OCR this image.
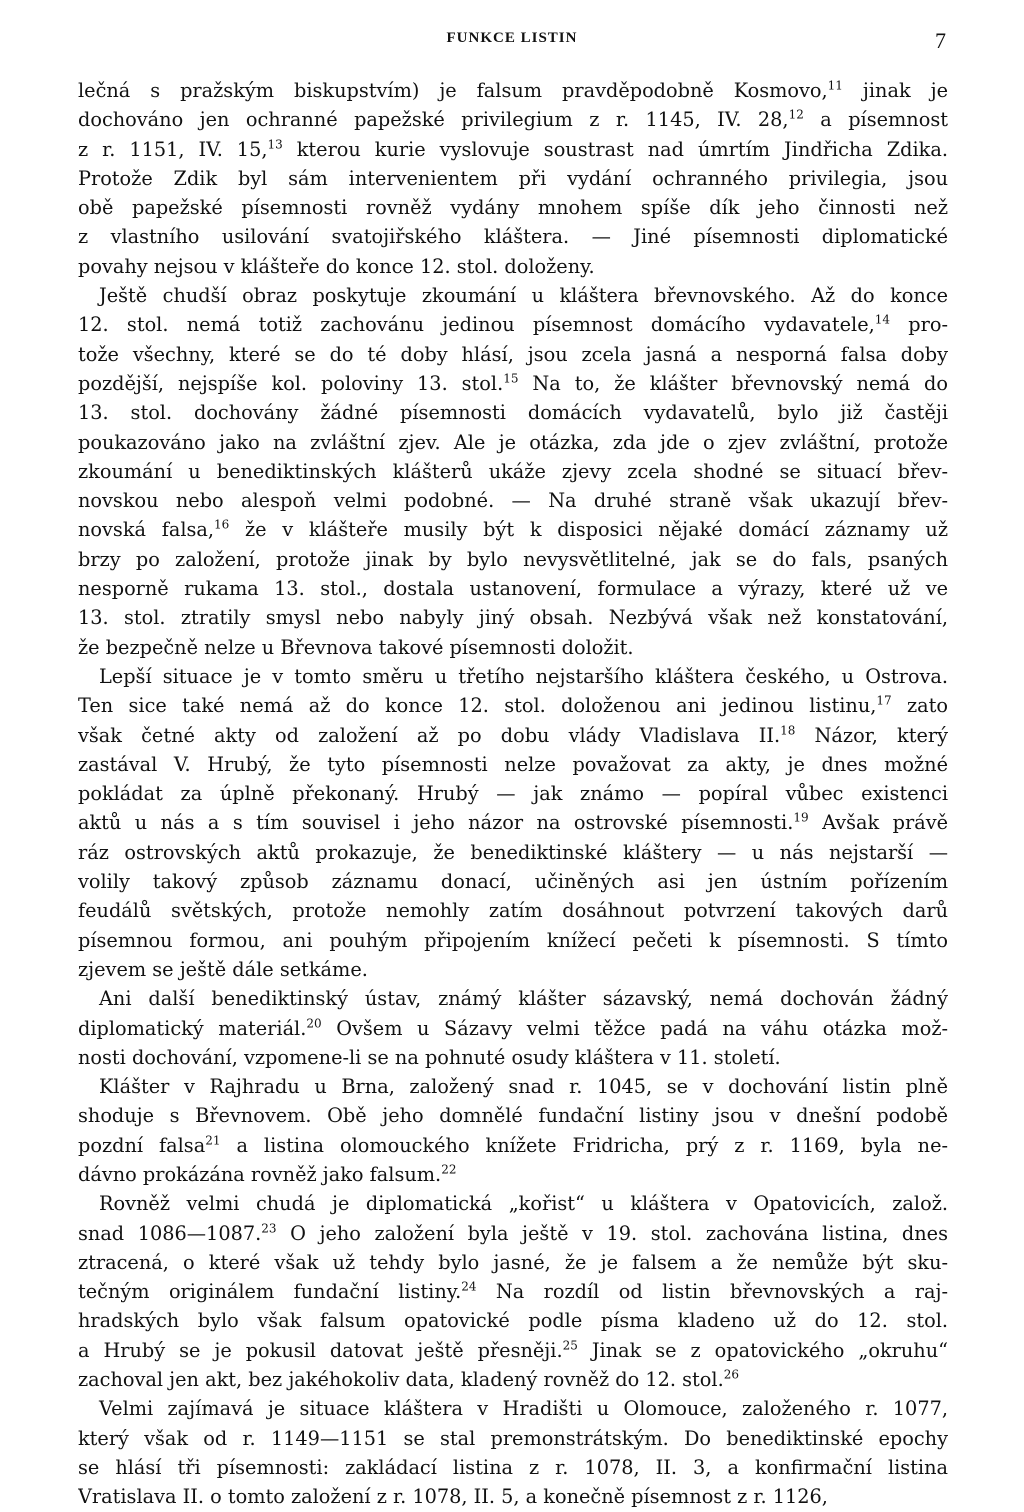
FUNKCE LISTIN	7
lečná s pražským biskupstvím) je falsum pravděpodobně Kosmovo,$^{11}$ jinak je
dochováno jen ochranné papežské privilegium z r. 1145, IV. 28,12 a písemnost
z r. 1151, IV. 15,13 kterou kurie vyslovuje soustrast nad úmrtím Jindřicha Zdika.
Protože Zdik byl sám intervenientem při vydání ochranného privilegia, jsou
obě papežské písemnosti rovněž vydány mnohem spíše dík jeho činnosti než
z vlastního usilování svatojiřského kláštera. — Jiné písemnosti diplomatické
povahy nejsou v klášteře do konce 12. stol. doloženy.
Ještě chudší obraz poskytuje zkoumání u kláštera břevnovského. Až do konce
12. stol. nemá totiž zachovánu jedinou písemnost domácího vydavatele,$^{14}$ pro-
tože všechny, které se do té doby hlásí, jsou zcela jasná a nesporná falsa doby
pozdější, nejspíše kol. poloviny 13. stol.$^{15}$ Na to, že klášter břevnovský nemá do
13. stol. dochovány žádné písemnosti domácích vydavatelů, bylo již častěji
poukazováno jako na zvláštní zjev. Ale je otázka, zda jde o zjev zvláštní, protože
zkoumání u benediktinských klášterů ukáže zjevy zcela shodné se situací břev-
novskou nebo alespoň velmi podobné. — Na druhé straně však ukazují břev-
novská falsa,$^{16}$ že v klášteře musily být k disposici nějaké domácí záznamy už
brzy po založení, protože jinak by bylo nevysvětlitelné, jak se do fals, psaných
nesporně rukama 13. stol., dostala ustanovení, formulace a výrazy, které už ve
13. stol. ztratily smysl nebo nabyly jiný obsah. Nezbývá však než konstatování,
že bezpečně nelze u Břevnova takové písemnosti doložit.
Lepší situace je v tomto směru u třetího nejstaršího kláštera českého, u Ostrova.
Ten sice také nemá až do konce 12. stol. doloženou ani jedinou listinu,$^{17}$ zato
však četné akty od založení až po dobu vlády Vladislava II.$^{18}$ Názor, který
zastával V. Hrubý, že tyto písemnosti nelze považovat za akty, je dnes možné
pokládat za úplně překonaný. Hrubý — jak známo — popíral vůbec existenci
aktů u nás a s tím souvisel i jeho názor na ostrovské písemnosti.$^{19}$ Avšak právě
ráz ostrovských aktů prokazuje, že benediktinské kláštery — u nás nejstarší —
volily takový způsob záznamu donací, učiněných asi jen ústním pořízením
feudálů světských, protože nemohly zatím dosáhnout potvrzení takových darů
písemnou formou, ani pouhým připojením knížecí pečeti k písemnosti. S tímto
zjevem se ještě dále setkáme.
Ani další benediktinský ústav, známý klášter sázavský, nemá dochován žádný
diplomatický materiál.$^{20}$ Ovšem u Sázavy velmi těžce padá na váhu otázka mož-
nosti dochování, vzpomene-li se na pohnuté osudy kláštera v 11. století.
Klášter v Rajhradu u Brna, založený snad r. 1045, se v dochování listin plně
shoduje s Břevnovem. Obě jeho domnělé fundační listiny jsou v dnešní podobě
pozdní falsa$^{21}$ a listina olomouckého knížete Fridricha, prý z r. 1169, byla ne-
dávno prokázána rovněž jako falsum.$^{22}$
Rovněž velmi chudá je diplomatická „kořist“ u kláštera v Opatovicích, založ.
snad 1086—1087.23 O jeho založení byla ještě v 19. stol. zachována listina, dnes
ztracená, o které však už tehdy bylo jasné, že je falsem a že nemůže být sku-
tečným originálem fundační listiny.$^{24}$ Na rozdíl od listin břevnovských a raj-
hradských bylo však falsum opatovické podle písma kladeno už do 12. stol.
a Hrubý se je pokusil datovat ještě přesněji.$^{25}$ Jinak se z opatovického „okruhu“
zachoval jen akt, bez jakéhokoliv data, kladený rovněž do 12. stol.$^{26}$
Velmi zajímavá je situace kláštera v Hradišti u Olomouce, založeného r. 1077,
který však od r. 1149—1151 se stal premonstrátským. Do benediktinské epochy
se hlásí tři písemnosti: zakládací listina z r. 1078, II. 3, a konfirmační listina
Vratislava II. o tomto založení z r. 1078, II. 5, a konečně písemnost z r. 1126,
